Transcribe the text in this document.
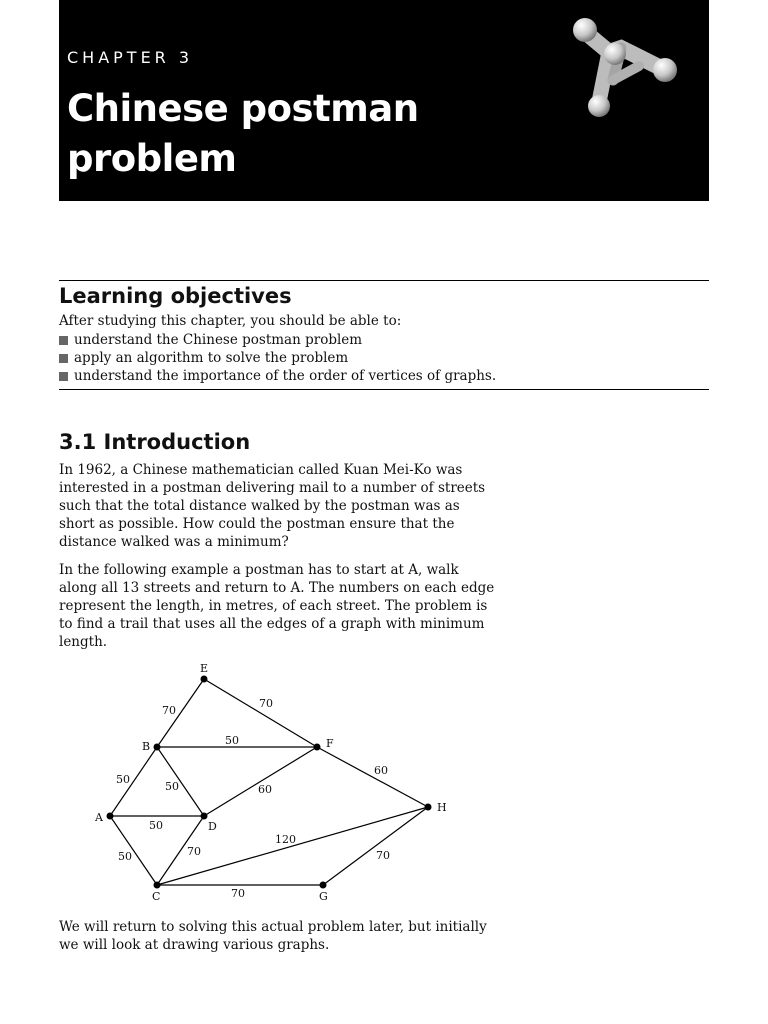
CHAPTER 3
Chinese postman problem
Learning objectives
After studying this chapter, you should be able to:
understand the Chinese postman problem
apply an algorithm to solve the problem
understand the importance of the order of vertices of graphs.
3.1 Introduction

In 1962, a Chinese mathematician called Kuan Mei-Ko was interested in a postman delivering mail to a number of streets such that the total distance walked by the postman was as short as possible. How could the postman ensure that the distance walked was a minimum?

In the following example a postman has to start at A, walk along all 13 streets and return to A. The numbers on each edge represent the length, in metres, of each street. The problem is to find a trail that uses all the edges of a graph with minimum length.

E
B	F
A
D
H
C	G
70
70
50
50
50	60
60
50
50	70
120
70
70

We will return to solving this actual problem later, but initially we will look at drawing various graphs.
